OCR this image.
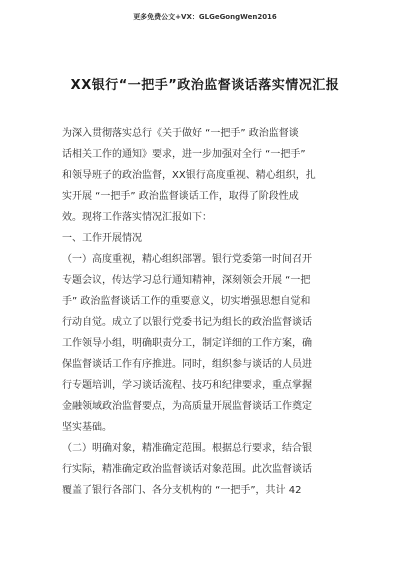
更多免费公文+VX：GLGeGongWen2016
XX银行“一把手”政治监督谈话落实情况汇报
为深入贯彻落实总行《关于做好 “一把手” 政治监督谈
话相关工作的通知》要求，进一步加强对全行 “一把手”
和领导班子的政治监督，XX银行高度重视、精心组织，扎
实开展 “一把手” 政治监督谈话工作，取得了阶段性成
效。现将工作落实情况汇报如下：
一、工作开展情况
（一）高度重视，精心组织部署。银行党委第一时间召开
专题会议，传达学习总行通知精神，深刻领会开展 “一把
手” 政治监督谈话工作的重要意义，切实增强思想自觉和
行动自觉。成立了以银行党委书记为组长的政治监督谈话
工作领导小组，明确职责分工，制定详细的工作方案，确
保监督谈话工作有序推进。同时，组织参与谈话的人员进
行专题培训，学习谈话流程、技巧和纪律要求，重点掌握
金融领域政治监督要点，为高质量开展监督谈话工作奠定
坚实基础。
（二）明确对象，精准确定范围。根据总行要求，结合银
行实际，精准确定政治监督谈话对象范围。此次监督谈话
覆盖了银行各部门、各分支机构的 “一把手”，共计 42
